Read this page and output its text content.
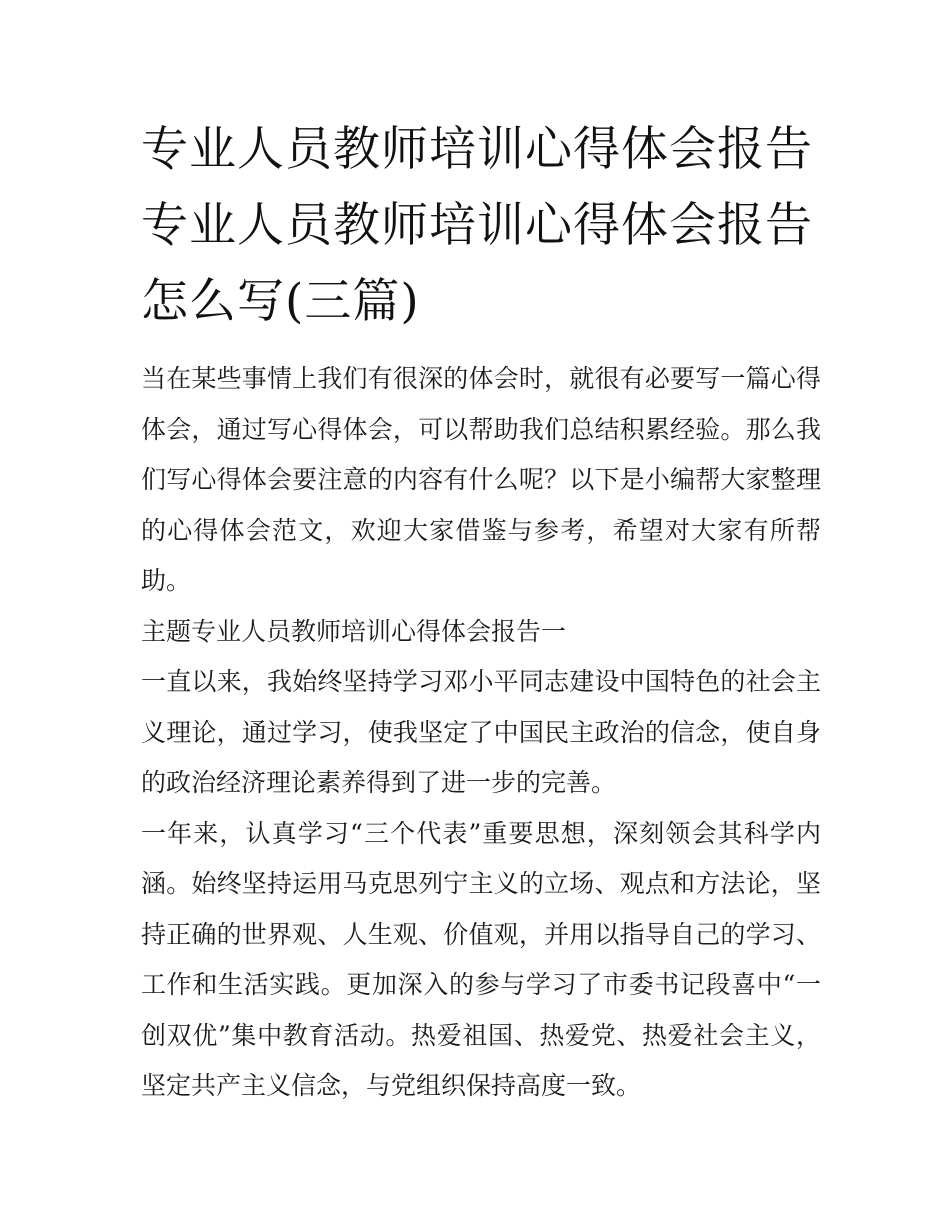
专业人员教师培训心得体会报告 专业人员教师培训心得体会报告怎么写(三篇)

当在某些事情上我们有很深的体会时，就很有必要写一篇心得体会，通过写心得体会，可以帮助我们总结积累经验。那么我们写心得体会要注意的内容有什么呢？以下是小编帮大家整理的心得体会范文，欢迎大家借鉴与参考，希望对大家有所帮助。

主题专业人员教师培训心得体会报告一

一直以来，我始终坚持学习邓小平同志建设中国特色的社会主义理论，通过学习，使我坚定了中国民主政治的信念，使自身的政治经济理论素养得到了进一步的完善。

一年来，认真学习“三个代表”重要思想，深刻领会其科学内涵。始终坚持运用马克思列宁主义的立场、观点和方法论，坚持正确的世界观、人生观、价值观，并用以指导自己的学习、工作和生活实践。更加深入的参与学习了市委书记段喜中“一创双优”集中教育活动。热爱祖国、热爱党、热爱社会主义，坚定共产主义信念，与党组织保持高度一致。
